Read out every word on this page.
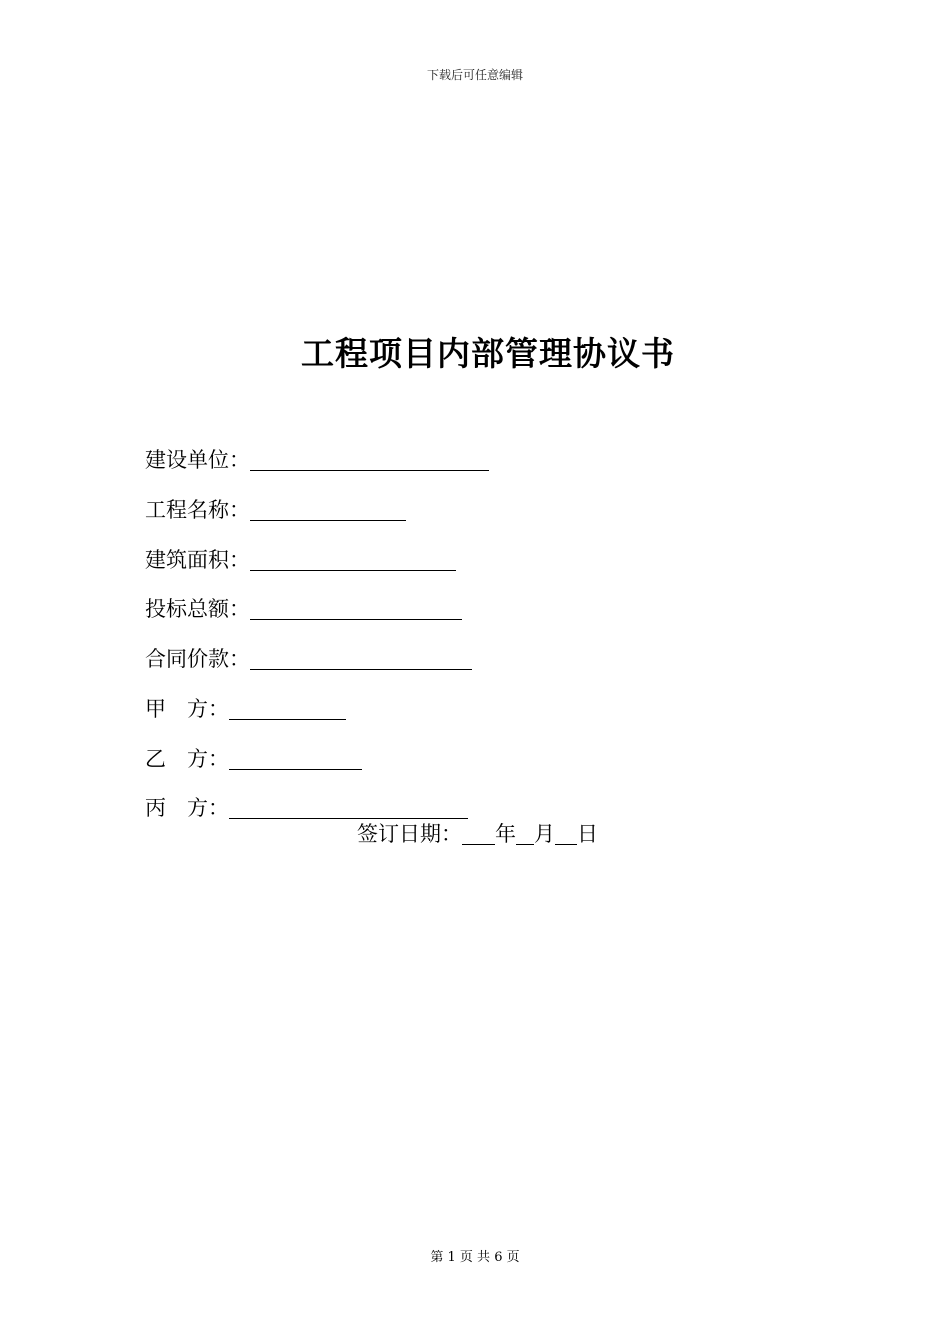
下载后可任意编辑
工程项目内部管理协议书
建设单位：
工程名称：
建筑面积：
投标总额：
合同价款：
甲　方：
乙　方：
丙　方：
签订日期： 年 月 日
第 1 页 共 6 页
